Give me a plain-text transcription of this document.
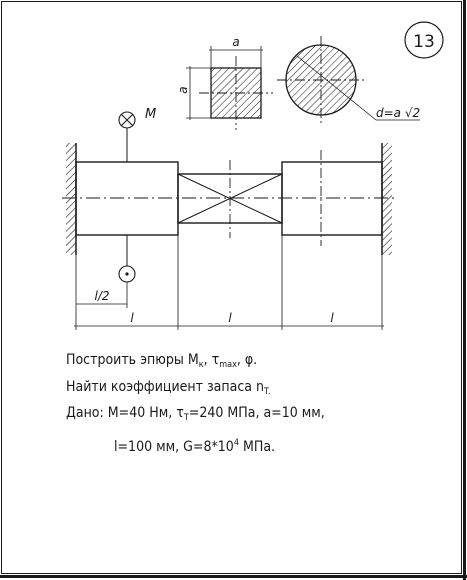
13
a
a
d=a √2
M
l/2
l	l	l
Построить эпюры $M_к$, $\tau_{max}$, φ.
Найти коэффициент запаса $n_{T.}$
Дано: M=40 Нм, $\tau_T=240$ МПа, a=10 мм,
l=100 мм, $G=8*10^4$ МПа.
